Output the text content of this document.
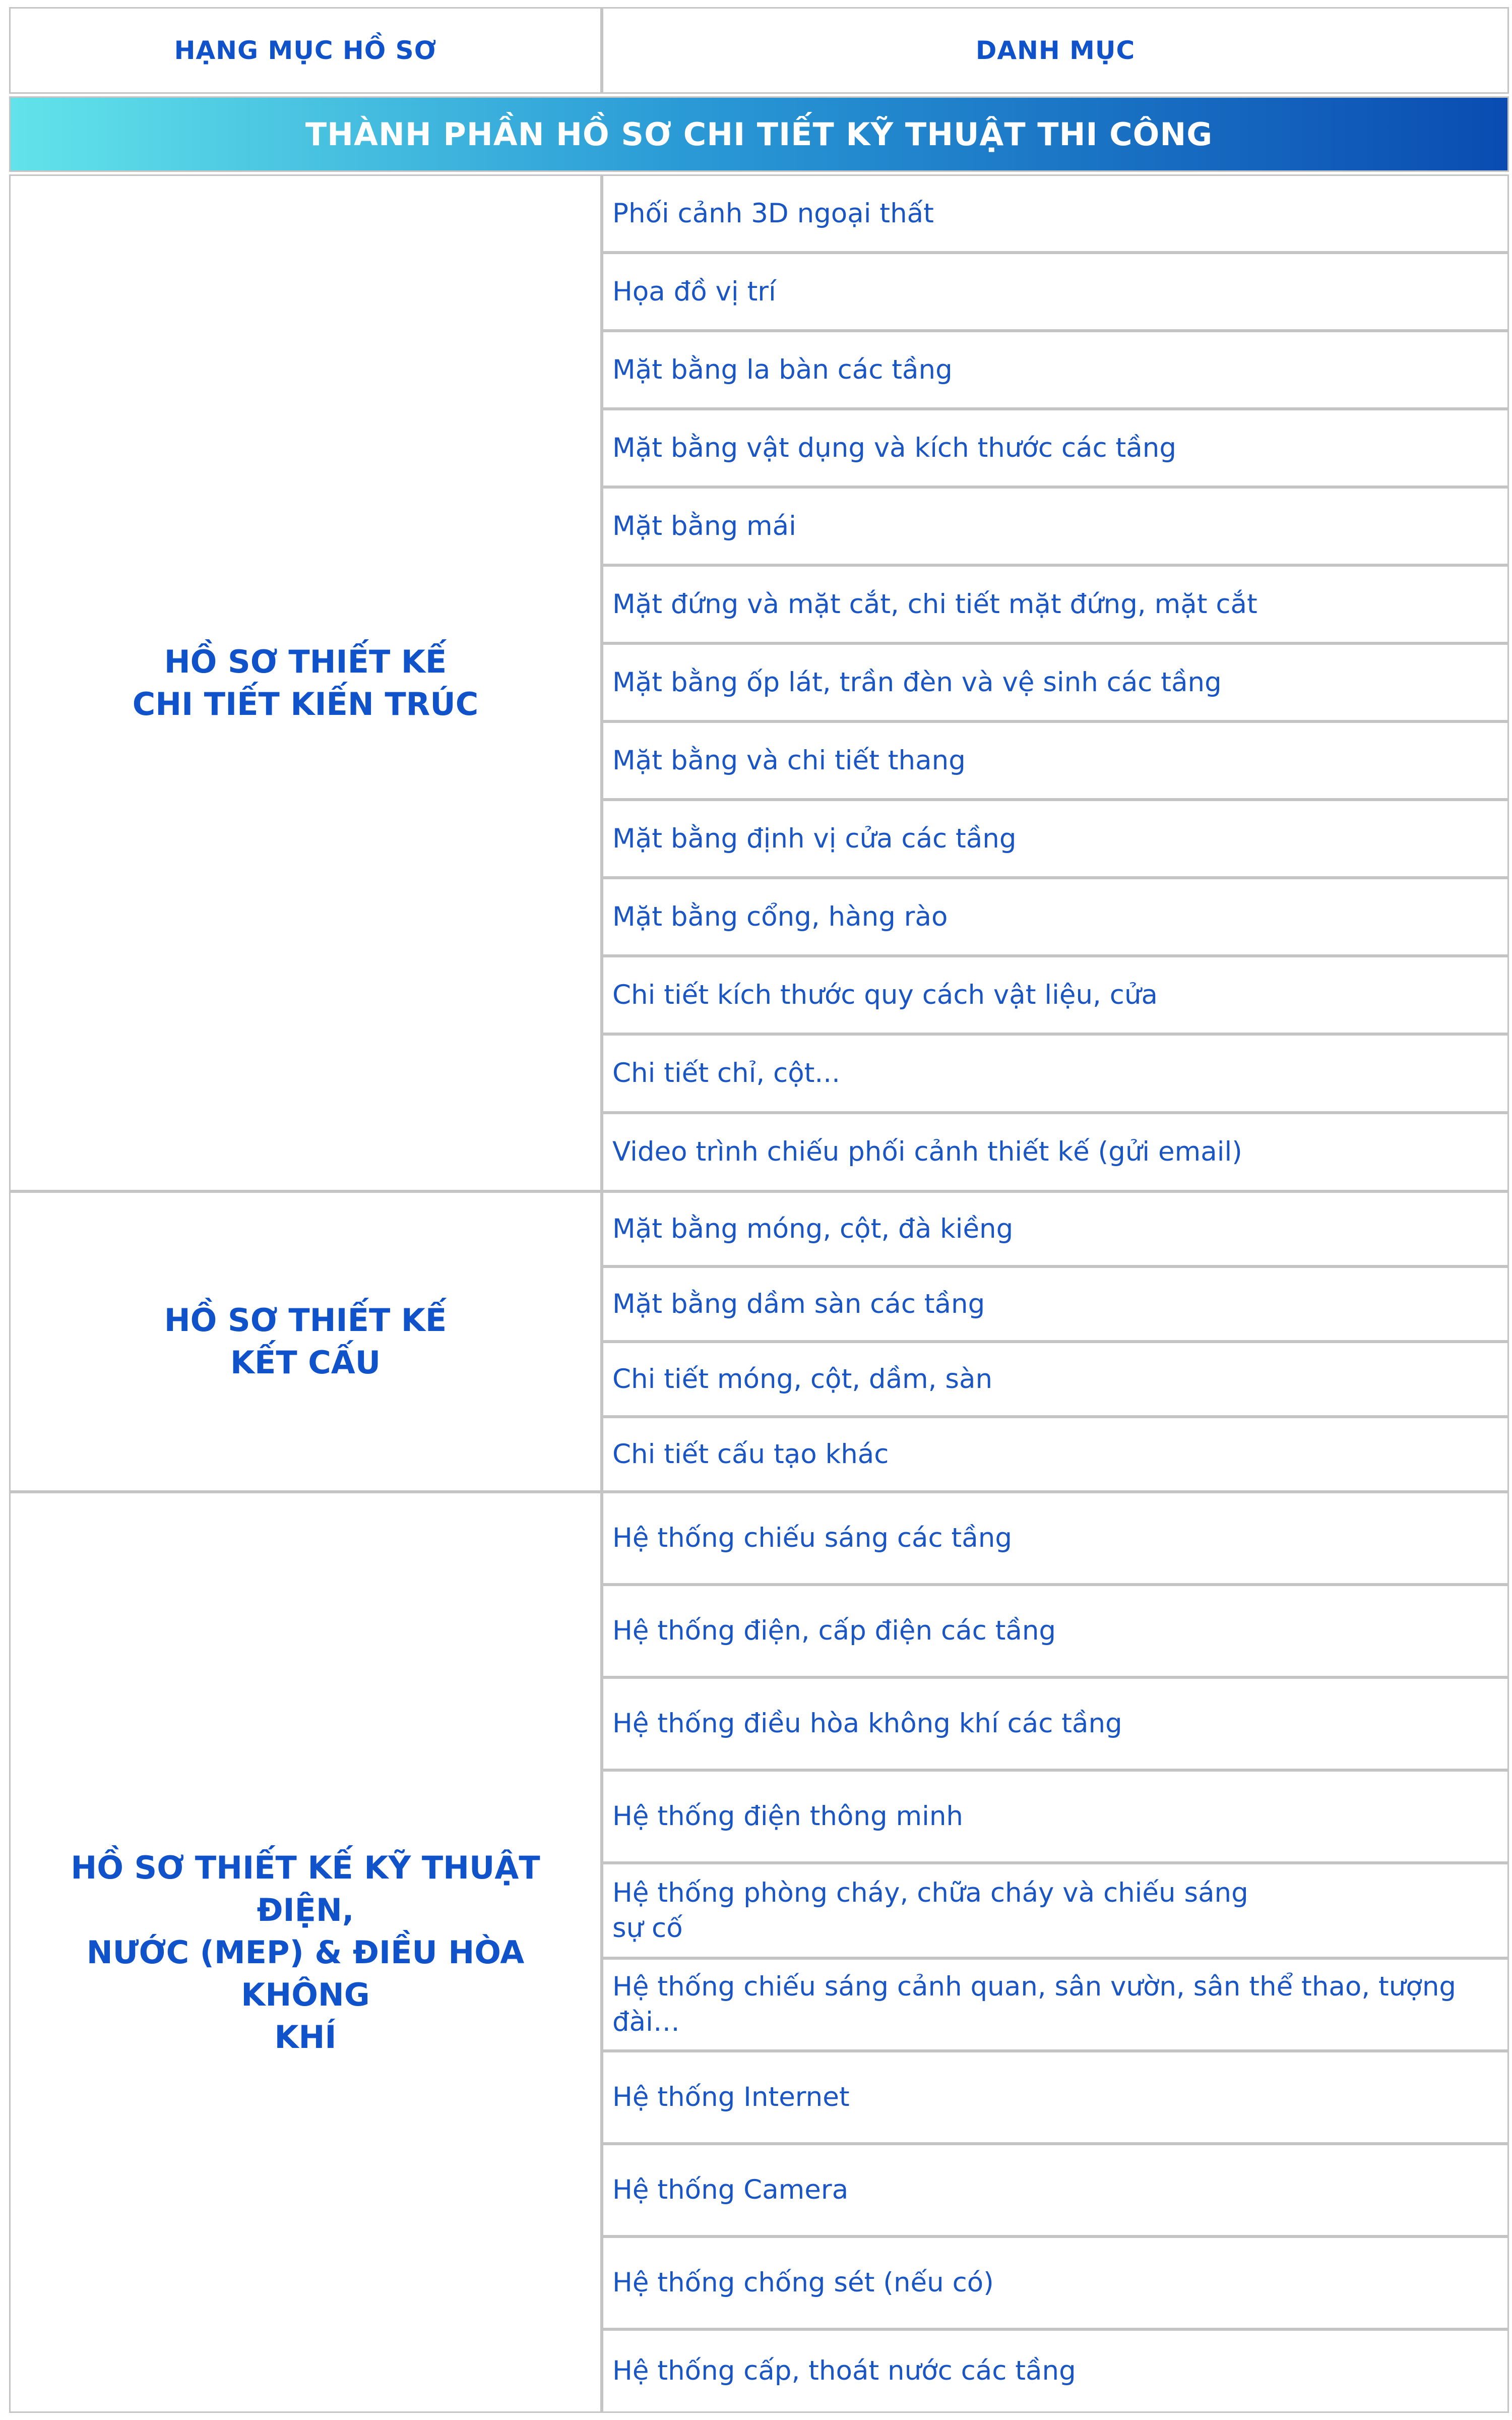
HẠNG MỤC HỒ SƠ	DANH MỤC
THÀNH PHẦN HỒ SƠ CHI TIẾT KỸ THUẬT THI CÔNG
HỒ SƠ THIẾT KẾ
CHI TIẾT KIẾN TRÚC
Phối cảnh 3D ngoại thất
Họa đồ vị trí
Mặt bằng la bàn các tầng
Mặt bằng vật dụng và kích thước các tầng
Mặt bằng mái
Mặt đứng và mặt cắt, chi tiết mặt đứng, mặt cắt
Mặt bằng ốp lát, trần đèn và vệ sinh các tầng
Mặt bằng và chi tiết thang
Mặt bằng định vị cửa các tầng
Mặt bằng cổng, hàng rào
Chi tiết kích thước quy cách vật liệu, cửa
Chi tiết chỉ, cột...
Video trình chiếu phối cảnh thiết kế (gửi email)
HỒ SƠ THIẾT KẾ
KẾT CẤU
Mặt bằng móng, cột, đà kiềng
Mặt bằng dầm sàn các tầng
Chi tiết móng, cột, dầm, sàn
Chi tiết cấu tạo khác
HỒ SƠ THIẾT KẾ KỸ THUẬT ĐIỆN,
NƯỚC (MEP) & ĐIỀU HÒA KHÔNG
KHÍ
Hệ thống chiếu sáng các tầng
Hệ thống điện, cấp điện các tầng
Hệ thống điều hòa không khí các tầng
Hệ thống điện thông minh
Hệ thống phòng cháy, chữa cháy và chiếu sáng
sự cố
Hệ thống chiếu sáng cảnh quan, sân vườn, sân thể thao, tượng đài…
Hệ thống Internet
Hệ thống Camera
Hệ thống chống sét (nếu có)
Hệ thống cấp, thoát nước các tầng
